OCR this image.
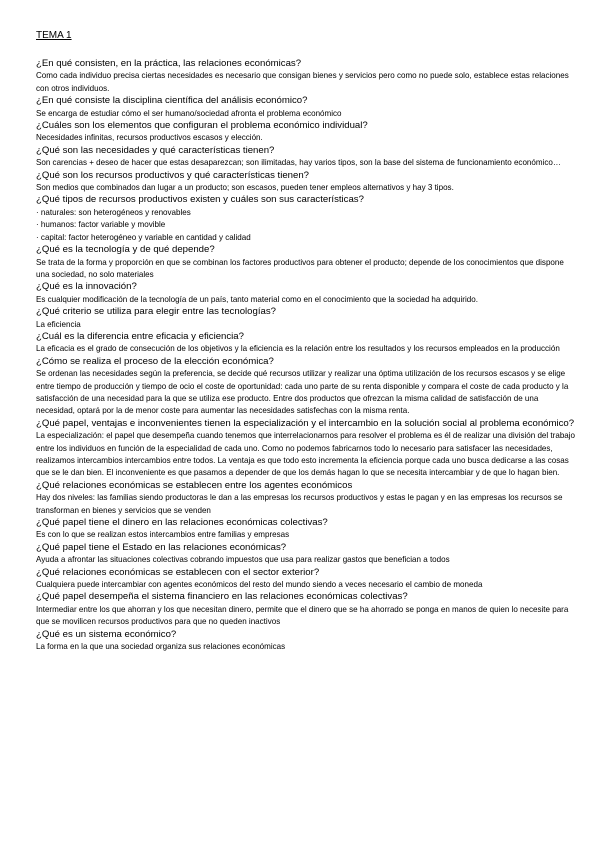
TEMA 1

¿En qué consisten, en la práctica, las relaciones económicas?

Como cada individuo precisa ciertas necesidades es necesario que consigan bienes y servicios pero como no puede solo, establece estas relaciones con otros individuos.

¿En qué consiste la disciplina científica del análisis económico?

Se encarga de estudiar cómo el ser humano/sociedad afronta el problema económico

¿Cuáles son los elementos que configuran el problema económico individual?

Necesidades infinitas, recursos productivos escasos y elección.

¿Qué son las necesidades y qué características tienen?

Son carencias + deseo de hacer que estas desaparezcan; son ilimitadas, hay varios tipos, son la base del sistema de funcionamiento económico…

¿Qué son los recursos productivos y qué características tienen?

Son medios que combinados dan lugar a un producto; son escasos, pueden tener empleos alternativos y hay 3 tipos.

¿Qué tipos de recursos productivos existen y cuáles son sus características?

· naturales: son heterogéneos y renovables

· humanos: factor variable y movible

· capital: factor heterogéneo y variable en cantidad y calidad

¿Qué es la tecnología y de qué depende?

Se trata de la forma y proporción en que se combinan los factores productivos para obtener el producto; depende de los conocimientos que dispone una sociedad, no solo materiales

¿Qué es la innovación?

Es cualquier modificación de la tecnología de un país, tanto material como en el conocimiento que la sociedad ha adquirido.

¿Qué criterio se utiliza para elegir entre las tecnologías?

La eficiencia

¿Cuál es la diferencia entre eficacia y eficiencia?

La eficacia es el grado de consecución de los objetivos y la eficiencia es la relación entre los resultados y los recursos empleados en la producción

¿Cómo se realiza el proceso de la elección económica?

Se ordenan las necesidades según la preferencia, se decide qué recursos utilizar y realizar una óptima utilización de los recursos escasos y se elige entre tiempo de producción y tiempo de ocio el coste de oportunidad: cada uno parte de su renta disponible y compara el coste de cada producto y la satisfacción de una necesidad para la que se utiliza ese producto. Entre dos productos que ofrezcan la misma calidad de satisfacción de una necesidad, optará por la de menor coste para aumentar las necesidades satisfechas con la misma renta.

¿Qué papel, ventajas e inconvenientes tienen la especialización y el intercambio en la solución social al problema económico?

La especialización: el papel que desempeña cuando tenemos que interrelacionarnos para resolver el problema es él de realizar una división del trabajo entre los individuos en función de la especialidad de cada uno. Como no podemos fabricarnos todo lo necesario para satisfacer las necesidades, realizamos intercambios intercambios entre todos. La ventaja es que todo esto incrementa la eficiencia porque cada uno busca dedicarse a las cosas que se le dan bien. El inconveniente es que pasamos a depender de que los demás hagan lo que se necesita intercambiar y de que lo hagan bien.

¿Qué relaciones económicas se establecen entre los agentes económicos

Hay dos niveles: las familias siendo productoras le dan a las empresas los recursos productivos y estas le pagan y en las empresas los recursos se transforman en bienes y servicios que se venden

¿Qué papel tiene el dinero en las relaciones económicas colectivas?

Es con lo que se realizan estos intercambios entre familias y empresas

¿Qué papel tiene el Estado en las relaciones económicas?

Ayuda a afrontar las situaciones colectivas cobrando impuestos que usa para realizar gastos que benefician a todos

¿Qué relaciones económicas se establecen con el sector exterior?

Cualquiera puede intercambiar con agentes económicos del resto del mundo siendo a veces necesario el cambio de moneda

¿Qué papel desempeña el sistema financiero en las relaciones económicas colectivas?

Intermediar entre los que ahorran y los que necesitan dinero, permite que el dinero que se ha ahorrado se ponga en manos de quien lo necesite para que se movilicen recursos productivos para que no queden inactivos

¿Qué es un sistema económico?

La forma en la que una sociedad organiza sus relaciones económicas
